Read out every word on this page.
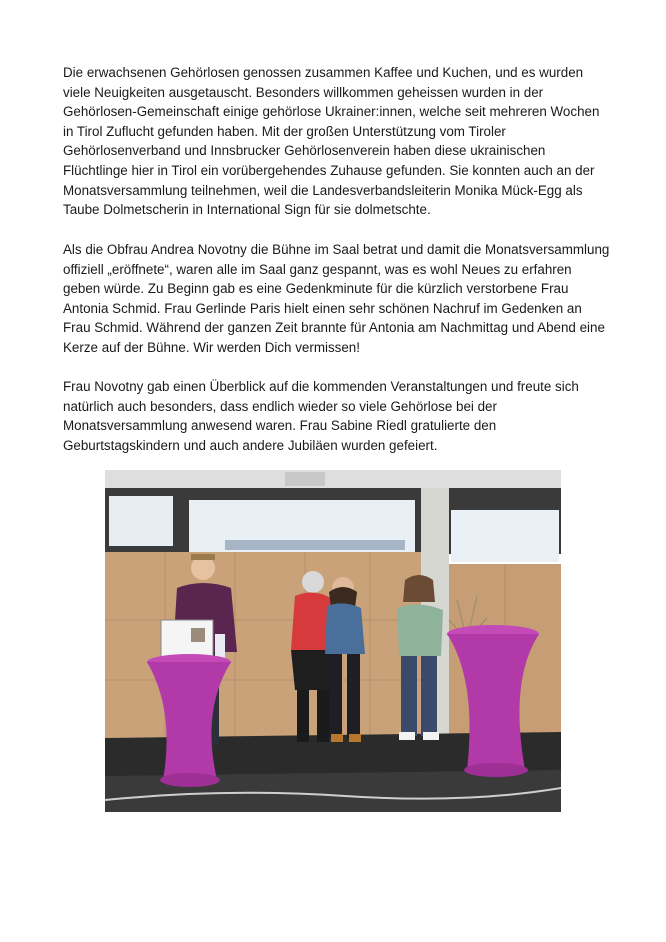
Die erwachsenen Gehörlosen genossen zusammen Kaffee und Kuchen, und es wurden viele Neuigkeiten ausgetauscht. Besonders willkommen geheissen wurden in der Gehörlosen-Gemeinschaft einige gehörlose Ukrainer:innen, welche seit mehreren Wochen in Tirol Zuflucht gefunden haben. Mit der großen Unterstützung vom Tiroler Gehörlosenverband und Innsbrucker Gehörlosenverein haben diese ukrainischen Flüchtlinge hier in Tirol ein vorübergehendes Zuhause gefunden. Sie konnten auch an der Monatsversammlung teilnehmen, weil die Landesverbandsleiterin Monika Mück-Egg als Taube Dolmetscherin in International Sign für sie dolmetschte.

Als die Obfrau Andrea Novotny die Bühne im Saal betrat und damit die Monatsversammlung offiziell „eröffnete“, waren alle im Saal ganz gespannt, was es wohl Neues zu erfahren geben würde. Zu Beginn gab es eine Gedenkminute für die kürzlich verstorbene Frau Antonia Schmid. Frau Gerlinde Paris hielt einen sehr schönen Nachruf im Gedenken an Frau Schmid. Während der ganzen Zeit brannte für Antonia am Nachmittag und Abend eine Kerze auf der Bühne. Wir werden Dich vermissen!

Frau Novotny gab einen Überblick auf die kommenden Veranstaltungen und freute sich natürlich auch besonders, dass endlich wieder so viele Gehörlose bei der Monatsversammlung anwesend waren. Frau Sabine Riedl gratulierte den Geburtstagskindern und auch andere Jubiläen wurden gefeiert.
